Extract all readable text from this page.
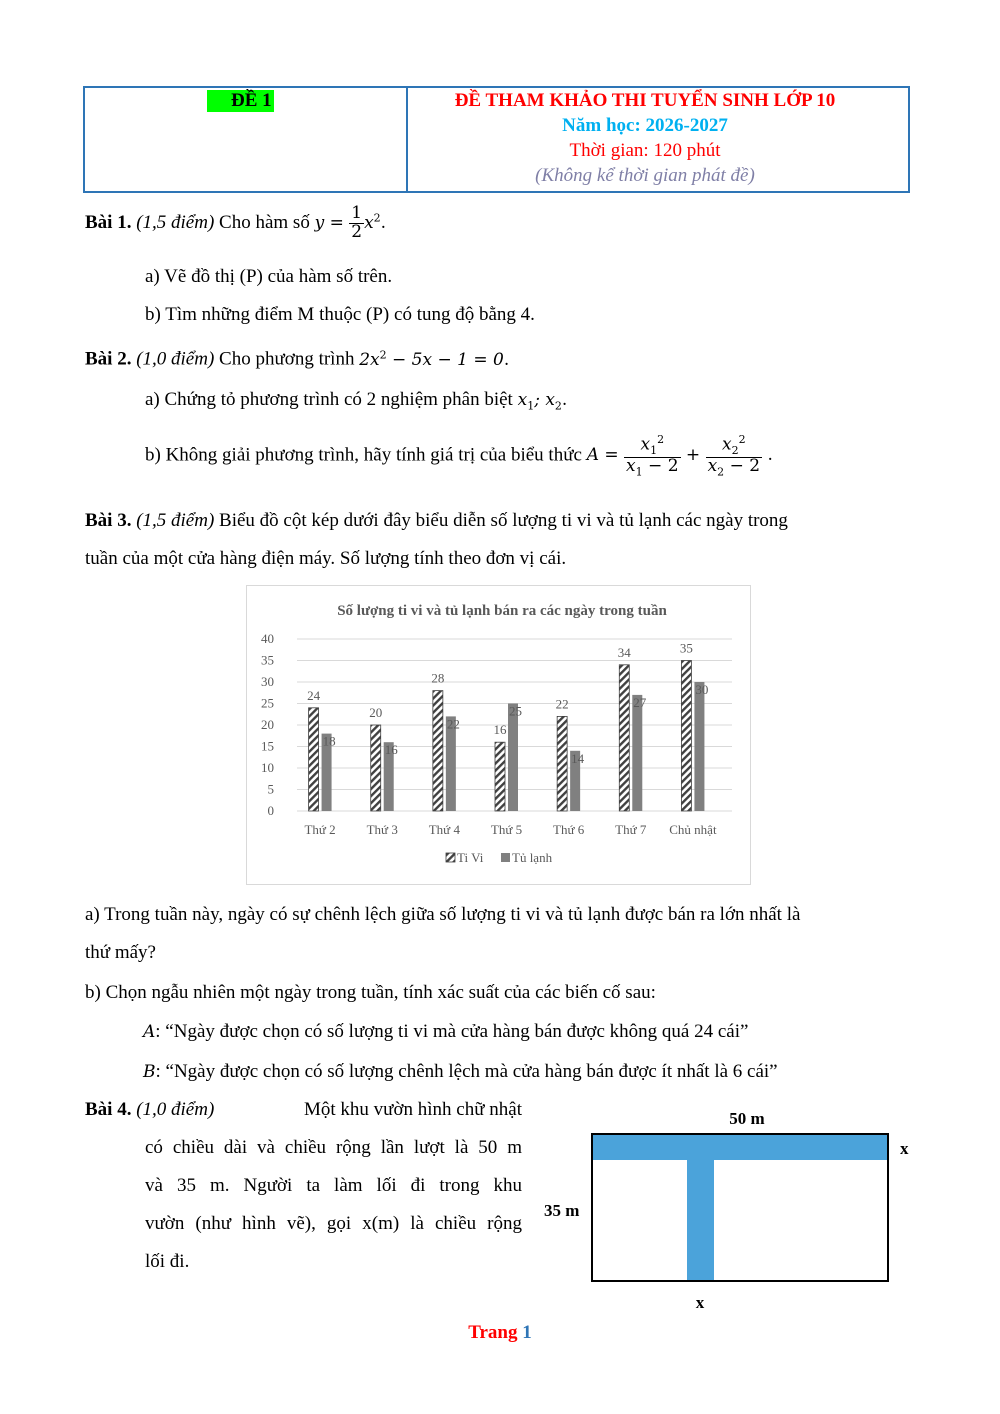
ĐỀ 1	ĐỀ THAM KHẢO THI TUYỂN SINH LỚP 10
Năm học: 2026-2027
Thời gian: 120 phút
(Không kể thời gian phát đề)
Bài 1. (1,5 điểm) Cho hàm số $y = \frac{1}{2} x^2$.
a) Vẽ đồ thị (P) của hàm số trên.
b) Tìm những điểm M thuộc (P) có tung độ bằng 4.
Bài 2. (1,0 điểm) Cho phương trình $2x^2 - 5x - 1 = 0$.
a) Chứng tỏ phương trình có 2 nghiệm phân biệt $x_1$; $x_2$.
b) Không giải phương trình, hãy tính giá trị của biểu thức $A = \frac{x_1^2}{x_1 - 2} + \frac{x_2^2}{x_2 - 2}$ .
Bài 3. (1,5 điểm) Biểu đồ cột kép dưới đây biểu diễn số lượng ti vi và tủ lạnh các ngày trong
tuần của một cửa hàng điện máy. Số lượng tính theo đơn vị cái.
Số lượng ti vi và tủ lạnh bán ra các ngày trong tuần
0
5
10
15
20
25
30
35
40
24
18
Thứ 2
20
16
Thứ 3
28
22
Thứ 4
16
25
Thứ 5
22
14
Thứ 6
34
27
Thứ 7
35
30
Chủ nhật
Ti Vi Tủ lạnh
a) Trong tuần này, ngày có sự chênh lệch giữa số lượng ti vi và tủ lạnh được bán ra lớn nhất là
thứ mấy?
b) Chọn ngẫu nhiên một ngày trong tuần, tính xác suất của các biến cố sau:
A: “Ngày được chọn có số lượng ti vi mà cửa hàng bán được không quá 24 cái”
B: “Ngày được chọn có số lượng chênh lệch mà cửa hàng bán được ít nhất là 6 cái”
Bài 4. (1,0 điểm)	Một khu vườn hình chữ nhật
có chiều dài và chiều rộng lần lượt là 50 m
và 35 m. Người ta làm lối đi trong khu
vườn (như hình vẽ), gọi x(m) là chiều rộng
lối đi.
50 m
35 m
x
x
Trang 1
